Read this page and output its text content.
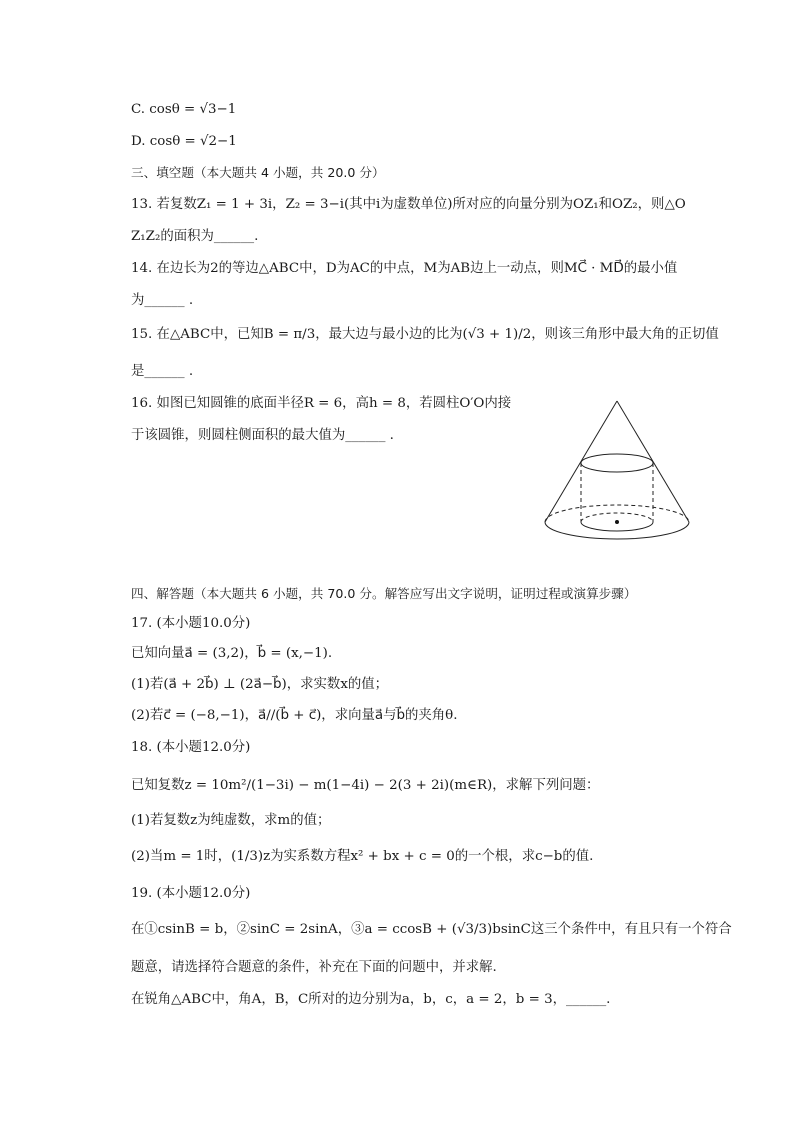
C. cosθ = √3−1
D. cosθ = √2−1
三、填空题（本大题共 4 小题，共 20.0 分）
13. 若复数Z₁ = 1 + 3i，Z₂ = 3−i(其中i为虚数单位)所对应的向量分别为OZ₁和OZ₂，则△O
Z₁Z₂的面积为______.
14. 在边长为2的等边△ABC中，D为AC的中点，M为AB边上一动点，则MC⃗ · MD⃗的最小值
为______ .
15. 在△ABC中，已知B = π/3，最大边与最小边的比为(√3 + 1)/2，则该三角形中最大角的正切值
是______ .
16. 如图已知圆锥的底面半径R = 6，高h = 8，若圆柱O′O内接
于该圆锥，则圆柱侧面积的最大值为______ .
四、解答题（本大题共 6 小题，共 70.0 分。解答应写出文字说明，证明过程或演算步骤）
17. (本小题10.0分)
已知向量a⃗ = (3,2)，b⃗ = (x,−1).
(1)若(a⃗ + 2b⃗) ⊥ (2a⃗−b⃗)，求实数x的值；
(2)若c⃗ = (−8,−1)，a⃗//(b⃗ + c⃗)，求向量a⃗与b⃗的夹角θ.
18. (本小题12.0分)
已知复数z = 10m²/(1−3i) − m(1−4i) − 2(3 + 2i)(m∈R)，求解下列问题：
(1)若复数z为纯虚数，求m的值；
(2)当m = 1时，(1/3)z为实系数方程x² + bx + c = 0的一个根，求c−b的值.
19. (本小题12.0分)
在①csinB = b，②sinC = 2sinA，③a = ccosB + (√3/3)bsinC这三个条件中，有且只有一个符合
题意，请选择符合题意的条件，补充在下面的问题中，并求解.
在锐角△ABC中，角A，B，C所对的边分别为a，b，c，a = 2，b = 3，______.
